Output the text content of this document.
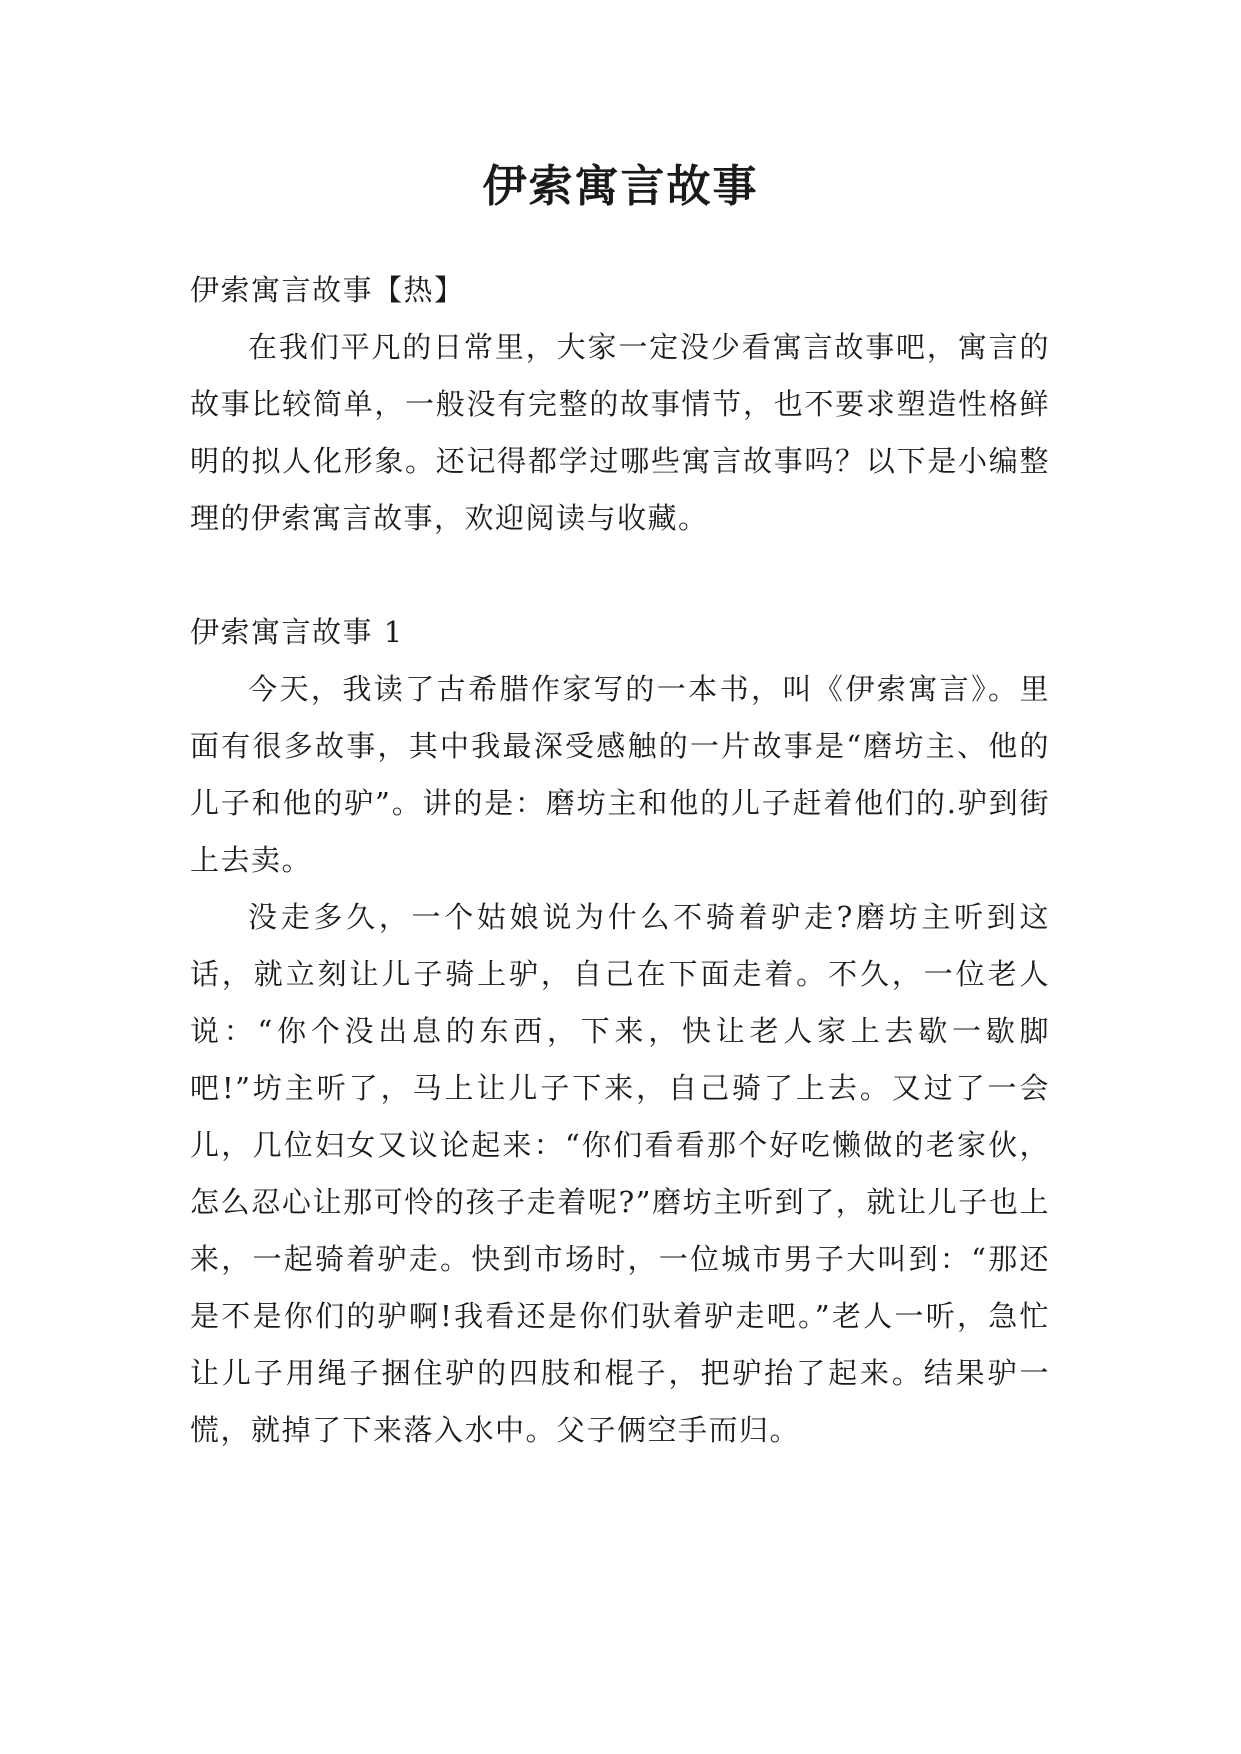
伊索寓言故事

伊索寓言故事【热】

在我们平凡的日常里，大家一定没少看寓言故事吧，寓言的故事比较简单，一般没有完整的故事情节，也不要求塑造性格鲜明的拟人化形象。还记得都学过哪些寓言故事吗？以下是小编整理的伊索寓言故事，欢迎阅读与收藏。

伊索寓言故事 1

今天，我读了古希腊作家写的一本书，叫《伊索寓言》。里面有很多故事，其中我最深受感触的一片故事是“磨坊主、他的儿子和他的驴”。讲的是：磨坊主和他的儿子赶着他们的.驴到街上去卖。

没走多久，一个姑娘说为什么不骑着驴走?磨坊主听到这话，就立刻让儿子骑上驴，自己在下面走着。不久，一位老人说：“你个没出息的东西，下来，快让老人家上去歇一歇脚吧!”坊主听了，马上让儿子下来，自己骑了上去。又过了一会儿，几位妇女又议论起来：“你们看看那个好吃懒做的老家伙，怎么忍心让那可怜的孩子走着呢?”磨坊主听到了，就让儿子也上来，一起骑着驴走。快到市场时，一位城市男子大叫到：“那还是不是你们的驴啊!我看还是你们驮着驴走吧。”老人一听，急忙让儿子用绳子捆住驴的四肢和棍子，把驴抬了起来。结果驴一慌，就掉了下来落入水中。父子俩空手而归。
